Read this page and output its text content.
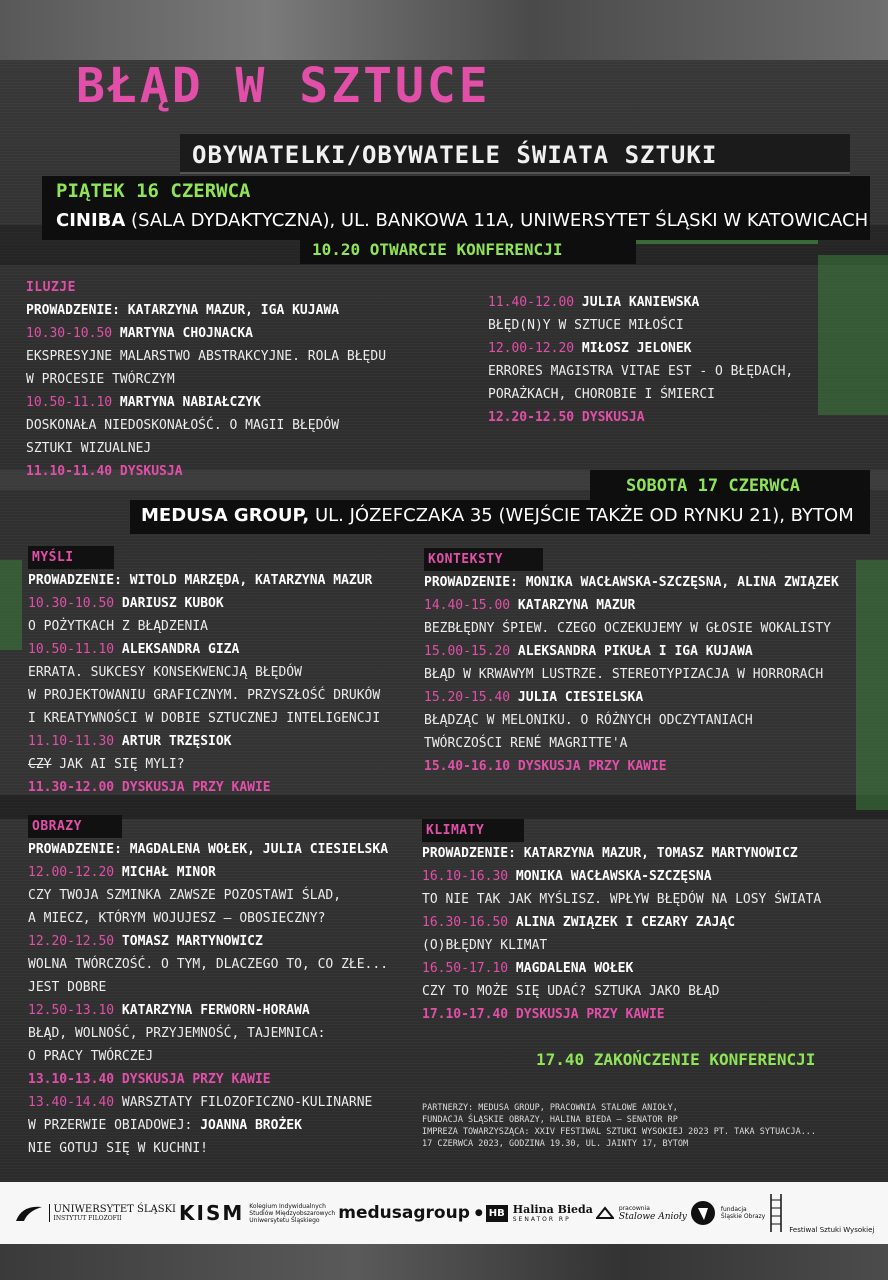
BŁĄD W SZTUCE
OBYWATELKI/OBYWATELE ŚWIATA SZTUKI
PIĄTEK 16 CZERWCA
CINIBA (SALA DYDAKTYCZNA), UL. BANKOWA 11A, UNIWERSYTET ŚLĄSKI W KATOWICACH
10.20 OTWARCIE KONFERENCJI
ILUZJE
PROWADZENIE: KATARZYNA MAZUR, IGA KUJAWA
10.30-10.50 MARTYNA CHOJNACKA
EKSPRESYJNE MALARSTWO ABSTRAKCYJNE. ROLA BŁĘDU
W PROCESIE TWÓRCZYM
10.50-11.10 MARTYNA NABIAŁCZYK
DOSKONAŁA NIEDOSKONAŁOŚĆ. O MAGII BŁĘDÓW
SZTUKI WIZUALNEJ
11.10-11.40 DYSKUSJA
11.40-12.00 JULIA KANIEWSKA
BŁĘD(N)Y W SZTUCE MIŁOŚCI
12.00-12.20 MIŁOSZ JELONEK
ERRORES MAGISTRA VITAE EST - O BŁĘDACH,
PORAŻKACH, CHOROBIE I ŚMIERCI
12.20-12.50 DYSKUSJA
SOBOTA 17 CZERWCA
MEDUSA GROUP, UL. JÓZEFCZAKA 35 (WEJŚCIE TAKŻE OD RYNKU 21), BYTOM
MYŚLI
PROWADZENIE: WITOLD MARZĘDA, KATARZYNA MAZUR
10.30-10.50 DARIUSZ KUBOK
O POŻYTKACH Z BŁĄDZENIA
10.50-11.10 ALEKSANDRA GIZA
ERRATA. SUKCESY KONSEKWENCJĄ BŁĘDÓW
W PROJEKTOWANIU GRAFICZNYM. PRZYSZŁOŚĆ DRUKÓW
I KREATYWNOŚCI W DOBIE SZTUCZNEJ INTELIGENCJI
11.10-11.30 ARTUR TRZĘSIOK
CZY JAK AI SIĘ MYLI?
11.30-12.00 DYSKUSJA PRZY KAWIE
KONTEKSTY
PROWADZENIE: MONIKA WACŁAWSKA-SZCZĘSNA, ALINA ZWIĄZEK
14.40-15.00 KATARZYNA MAZUR
BEZBŁĘDNY ŚPIEW. CZEGO OCZEKUJEMY W GŁOSIE WOKALISTY
15.00-15.20 ALEKSANDRA PIKUŁA I IGA KUJAWA
BŁĄD W KRWAWYM LUSTRZE. STEREOTYPIZACJA W HORRORACH
15.20-15.40 JULIA CIESIELSKA
BŁĄDZĄC W MELONIKU. O RÓŻNYCH ODCZYTANIACH
TWÓRCZOŚCI RENÉ MAGRITTE'A
15.40-16.10 DYSKUSJA PRZY KAWIE
OBRAZY
PROWADZENIE: MAGDALENA WOŁEK, JULIA CIESIELSKA
12.00-12.20 MICHAŁ MINOR
CZY TWOJA SZMINKA ZAWSZE POZOSTAWI ŚLAD,
A MIECZ, KTÓRYM WOJUJESZ – OBOSIECZNY?
12.20-12.50 TOMASZ MARTYNOWICZ
WOLNA TWÓRCZOŚĆ. O TYM, DLACZEGO TO, CO ZŁE...
JEST DOBRE
12.50-13.10 KATARZYNA FERWORN-HORAWA
BŁĄD, WOLNOŚĆ, PRZYJEMNOŚĆ, TAJEMNICA:
O PRACY TWÓRCZEJ
13.10-13.40 DYSKUSJA PRZY KAWIE
13.40-14.40 WARSZTATY FILOZOFICZNO-KULINARNE
W PRZERWIE OBIADOWEJ: JOANNA BROŻEK
NIE GOTUJ SIĘ W KUCHNI!
KLIMATY
PROWADZENIE: KATARZYNA MAZUR, TOMASZ MARTYNOWICZ
16.10-16.30 MONIKA WACŁAWSKA-SZCZĘSNA
TO NIE TAK JAK MYŚLISZ. WPŁYW BŁĘDÓW NA LOSY ŚWIATA
16.30-16.50 ALINA ZWIĄZEK I CEZARY ZAJĄC
(O)BŁĘDNY KLIMAT
16.50-17.10 MAGDALENA WOŁEK
CZY TO MOŻE SIĘ UDAĆ? SZTUKA JAKO BŁĄD
17.10-17.40 DYSKUSJA PRZY KAWIE
17.40 ZAKOŃCZENIE KONFERENCJI
PARTNERZY: MEDUSA GROUP, PRACOWNIA STALOWE ANIOŁY,
FUNDACJA ŚLĄSKIE OBRAZY, HALINA BIEDA — SENATOR RP
IMPREZA TOWARZYSZĄCA: XXIV FESTIWAL SZTUKI WYSOKIEJ 2023 PT. TAKA SYTUACJA...
17 CZERWCA 2023, GODZINA 19.30, UL. JAINTY 17, BYTOM
UNIWERSYTET ŚLĄSKI
INSTYTUT FILOZOFII	KISM Kolegium Indywidualnych
Studiów Międzyobszarowych
Uniwersytetu Śląskiego	medusagroup ● HB Halina Bieda
SENATOR RP
pracownia
Stalowe Anioły
fundacja
Śląskie Obrazy
Festiwal Sztuki Wysokiej
